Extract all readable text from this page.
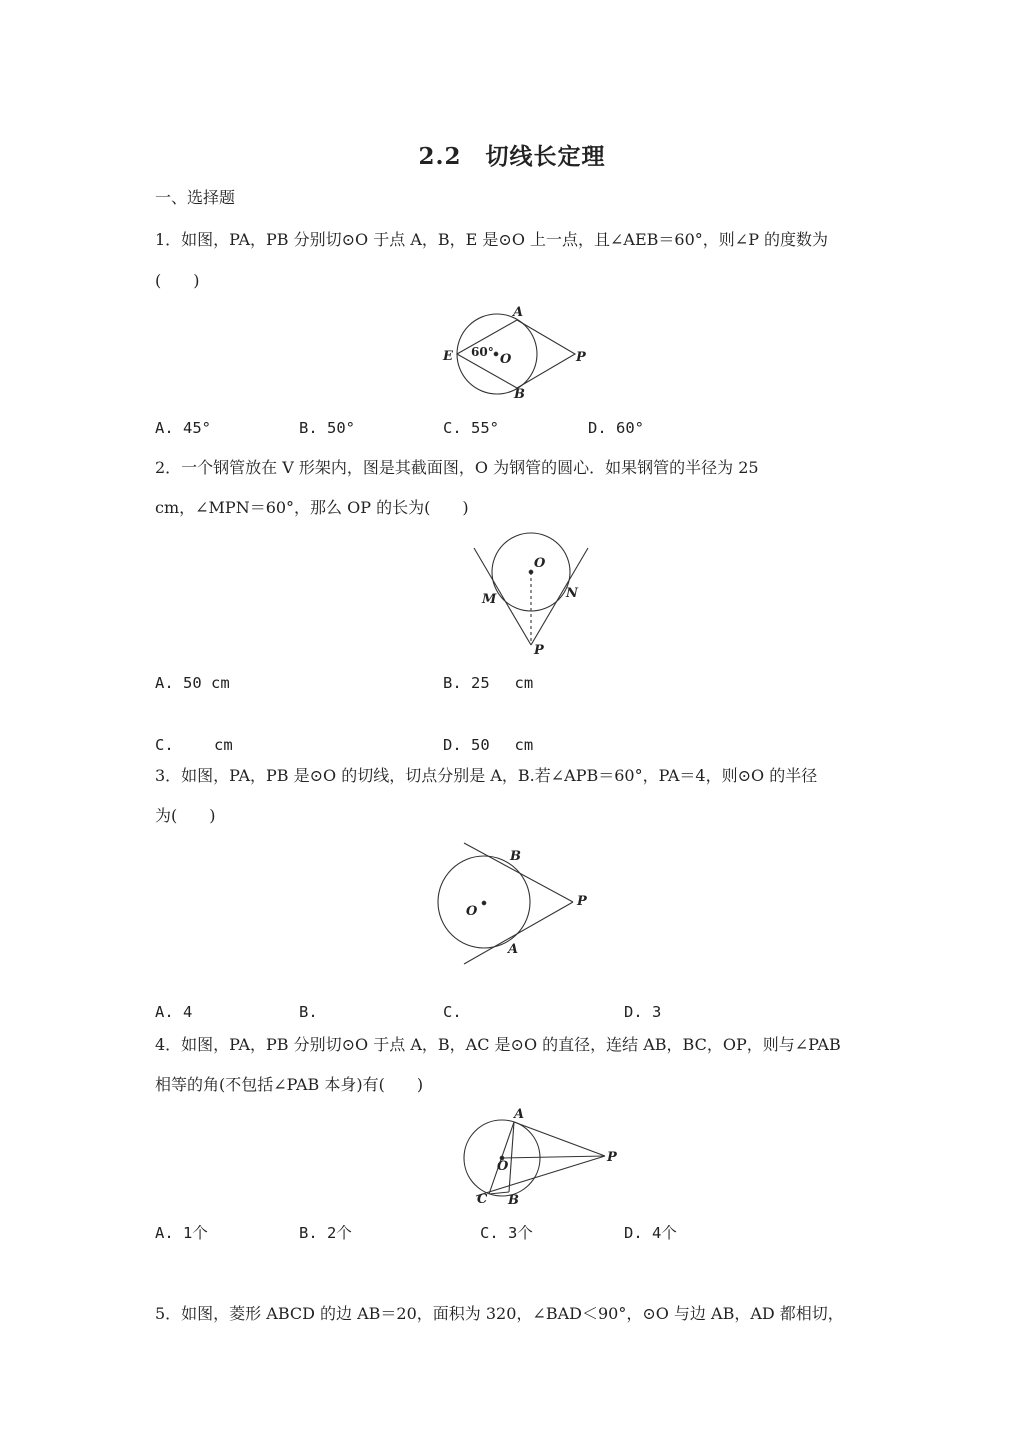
2.2　切线长定理
一、选择题
1．如图，PA，PB 分别切⊙O 于点 A，B，E 是⊙O 上一点，且∠AEB＝60°，则∠P 的度数为
(　　)
A
B
E	O	P
60°
A. 45°	B. 50°	C. 55°	D. 60°
2．一个钢管放在 V 形架内，图是其截面图，O 为钢管的圆心．如果钢管的半径为 25
cm，∠MPN＝60°，那么 OP 的长为(　　)
O
M	N
P
A. 50 cm	B. 25　 cm
C.　　 cm	D. 50　 cm
3．如图，PA，PB 是⊙O 的切线，切点分别是 A，B.若∠APB＝60°，PA＝4，则⊙O 的半径
为(　　)
B
A
O
P
A. 4	B.	C.	D. 3
4．如图，PA，PB 分别切⊙O 于点 A，B，AC 是⊙O 的直径，连结 AB，BC，OP，则与∠PAB
相等的角(不包括∠PAB 本身)有(　　)
A
O
C B
P
A. 1个	B. 2个	C. 3个	D. 4个
5．如图，菱形 ABCD 的边 AB＝20，面积为 320，∠BAD＜90°，⊙O 与边 AB，AD 都相切，
